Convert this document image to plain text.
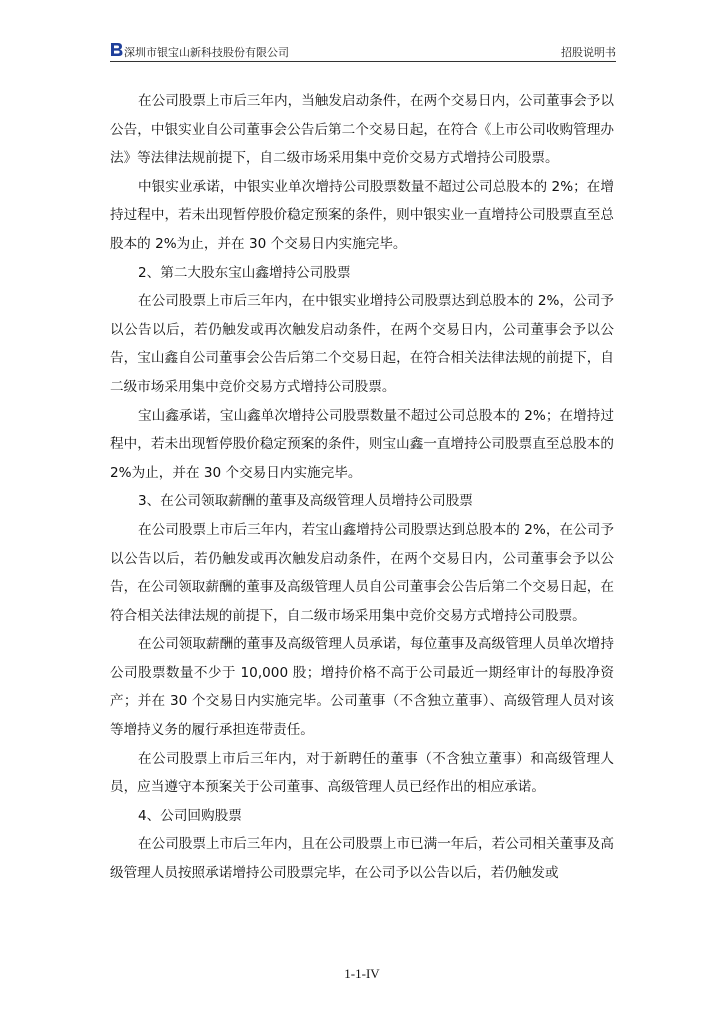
深圳市银宝山新科技股份有限公司	招股说明书

在公司股票上市后三年内，当触发启动条件，在两个交易日内，公司董事会予以公告，中银实业自公司董事会公告后第二个交易日起，在符合《上市公司收购管理办法》等法律法规前提下，自二级市场采用集中竞价交易方式增持公司股票。

中银实业承诺，中银实业单次增持公司股票数量不超过公司总股本的 2%；在增持过程中，若未出现暂停股价稳定预案的条件，则中银实业一直增持公司股票直至总股本的 2%为止，并在 30 个交易日内实施完毕。

2、第二大股东宝山鑫增持公司股票

在公司股票上市后三年内，在中银实业增持公司股票达到总股本的 2%，公司予以公告以后，若仍触发或再次触发启动条件，在两个交易日内，公司董事会予以公告，宝山鑫自公司董事会公告后第二个交易日起，在符合相关法律法规的前提下，自二级市场采用集中竞价交易方式增持公司股票。

宝山鑫承诺，宝山鑫单次增持公司股票数量不超过公司总股本的 2%；在增持过程中，若未出现暂停股价稳定预案的条件，则宝山鑫一直增持公司股票直至总股本的 2%为止，并在 30 个交易日内实施完毕。

3、在公司领取薪酬的董事及高级管理人员增持公司股票

在公司股票上市后三年内，若宝山鑫增持公司股票达到总股本的 2%，在公司予以公告以后，若仍触发或再次触发启动条件，在两个交易日内，公司董事会予以公告，在公司领取薪酬的董事及高级管理人员自公司董事会公告后第二个交易日起，在符合相关法律法规的前提下，自二级市场采用集中竞价交易方式增持公司股票。

在公司领取薪酬的董事及高级管理人员承诺，每位董事及高级管理人员单次增持公司股票数量不少于 10,000 股；增持价格不高于公司最近一期经审计的每股净资产；并在 30 个交易日内实施完毕。公司董事（不含独立董事）、高级管理人员对该等增持义务的履行承担连带责任。

在公司股票上市后三年内，对于新聘任的董事（不含独立董事）和高级管理人员，应当遵守本预案关于公司董事、高级管理人员已经作出的相应承诺。

4、公司回购股票

在公司股票上市后三年内，且在公司股票上市已满一年后，若公司相关董事及高级管理人员按照承诺增持公司股票完毕，在公司予以公告以后，若仍触发或

1-1-IV
